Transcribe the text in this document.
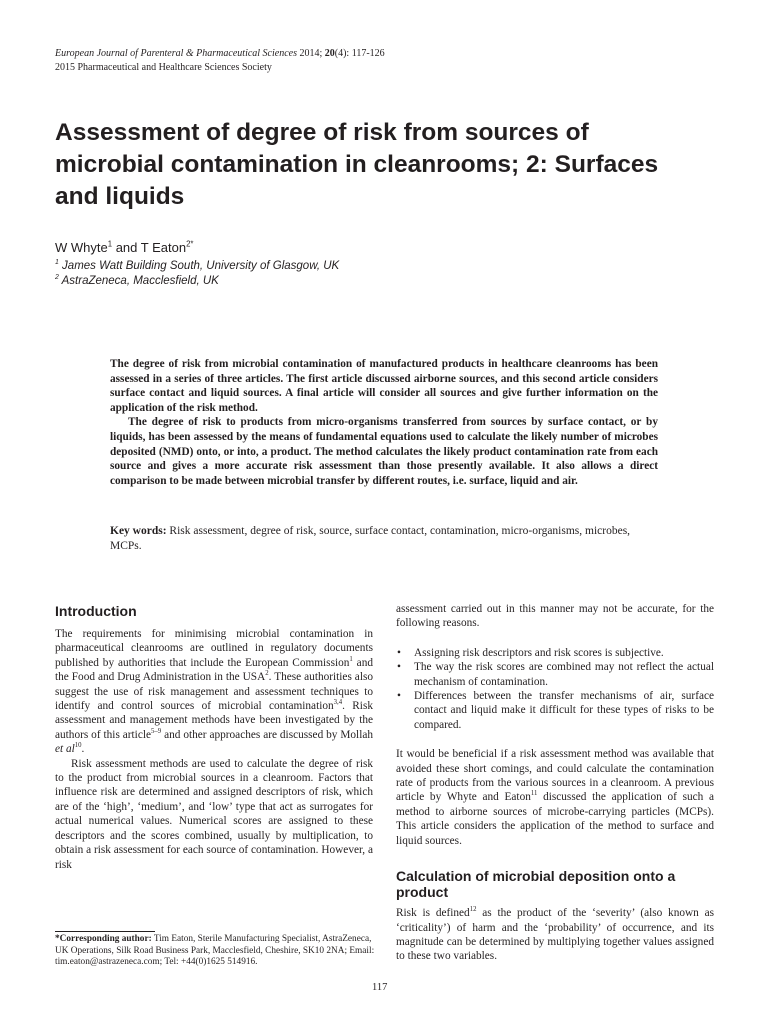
European Journal of Parenteral & Pharmaceutical Sciences 2014; 20(4): 117-126
2015 Pharmaceutical and Healthcare Sciences Society
Assessment of degree of risk from sources of microbial contamination in cleanrooms; 2: Surfaces and liquids
W Whyte$^1$ and T Eaton$^{2*}$
$^1$ James Watt Building South, University of Glasgow, UK
$^2$ AstraZeneca, Macclesfield, UK

The degree of risk from microbial contamination of manufactured products in healthcare cleanrooms has been assessed in a series of three articles. The first article discussed airborne sources, and this second article considers surface contact and liquid sources. A final article will consider all sources and give further information on the application of the risk method.

The degree of risk to products from micro-organisms transferred from sources by surface contact, or by liquids, has been assessed by the means of fundamental equations used to calculate the likely number of microbes deposited (NMD) onto, or into, a product. The method calculates the likely product contamination rate from each source and gives a more accurate risk assessment than those presently available. It also allows a direct comparison to be made between microbial transfer by different routes, i.e. surface, liquid and air.

Key words: Risk assessment, degree of risk, source, surface contact, contamination, micro-organisms, microbes, MCPs.
Introduction

The requirements for minimising microbial contamination in pharmaceutical cleanrooms are outlined in regulatory documents published by authorities that include the European Commission$^1$ and the Food and Drug Administration in the USA$^2$. These authorities also suggest the use of risk management and assessment techniques to identify and control sources of microbial contamination$^{3,4}$. Risk assessment and management methods have been investigated by the authors of this article$^{5-9}$ and other approaches are discussed by Mollah et $al^{10}$.

Risk assessment methods are used to calculate the degree of risk to the product from microbial sources in a cleanroom. Factors that influence risk are determined and assigned descriptors of risk, which are of the ‘high’, ‘medium’, and ‘low’ type that act as surrogates for actual numerical values. Numerical scores are assigned to these descriptors and the scores combined, usually by multiplication, to obtain a risk assessment for each source of contamination. However, a risk

assessment carried out in this manner may not be accurate, for the following reasons.

• Assigning risk descriptors and risk scores is subjective.
• The way the risk scores are combined may not reflect the actual mechanism of contamination.
• Differences between the transfer mechanisms of air, surface contact and liquid make it difficult for these types of risks to be compared.

It would be beneficial if a risk assessment method was available that avoided these short comings, and could calculate the contamination rate of products from the various sources in a cleanroom. A previous article by Whyte and Eaton$^{11}$ discussed the application of such a method to airborne sources of microbe-carrying particles (MCPs). This article considers the application of the method to surface and liquid sources.

Calculation of microbial deposition onto a product

Risk is defined$^{12}$ as the product of the ‘severity’ (also known as ‘criticality’) of harm and the ‘probability’ of occurrence, and its magnitude can be determined by multiplying together values assigned to these two variables.

*Corresponding author: Tim Eaton, Sterile Manufacturing Specialist, AstraZeneca, UK Operations, Silk Road Business Park, Macclesfield, Cheshire, SK10 2NA; Email: tim.eaton@astrazeneca.com; Tel: +44(0)1625 514916.
117
